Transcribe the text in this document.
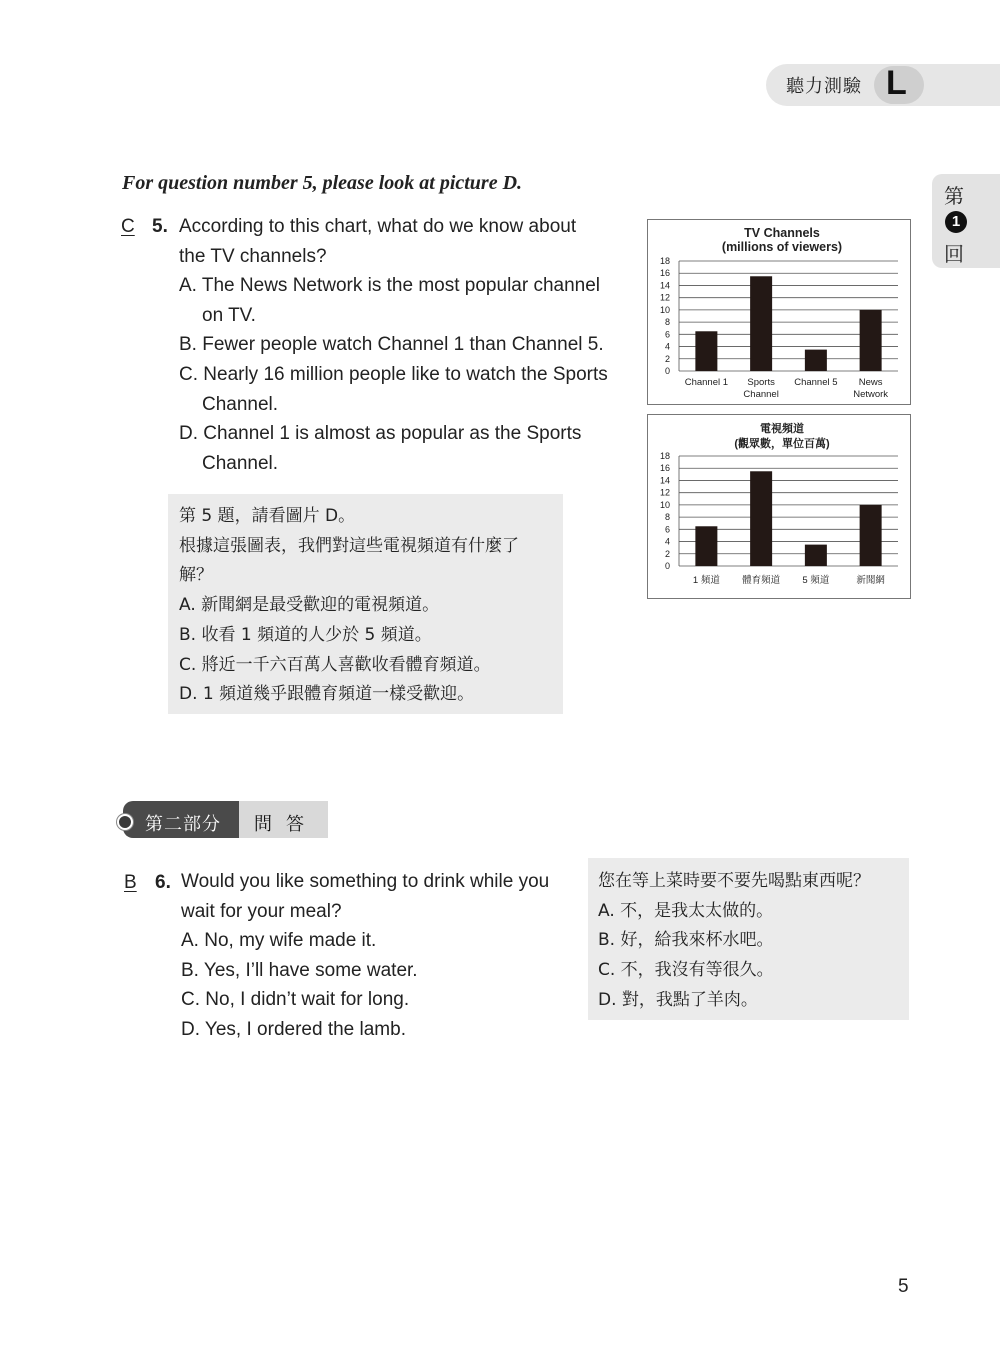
聽力測驗 L
第
1
回
For question number 5, please look at picture D.
C 5. According to this chart, what do we know about
the TV channels?
A. The News Network is the most popular channel
on TV.
B. Fewer people watch Channel 1 than Channel 5.
C. Nearly 16 million people like to watch the Sports
Channel.
D. Channel 1 is almost as popular as the Sports
Channel.
第 5 題，請看圖片 D。
根據這張圖表，我們對這些電視頻道有什麼了
解？
A. 新聞網是最受歡迎的電視頻道。
B. 收看 1 頻道的人少於 5 頻道。
C. 將近一千六百萬人喜歡收看體育頻道。
D. 1 頻道幾乎跟體育頻道一樣受歡迎。
TV Channels
(millions of viewers)
0
2
4
6
8
10
12
14
16
18
Channel 1 Sports
Channel
Channel 5 News
Network
電視頻道
(觀眾數，單位百萬)
0
2
4
6
8
10
12
14
16
18
1 頻道 體育頻道 5 頻道	新聞網
第二部分 問答
B 6. Would you like something to drink while you
wait for your meal?
A. No, my wife made it.
B. Yes, I’ll have some water.
C. No, I didn’t wait for long.
D. Yes, I ordered the lamb.
您在等上菜時要不要先喝點東西呢？
A. 不，是我太太做的。
B. 好，給我來杯水吧。
C. 不，我沒有等很久。
D. 對，我點了羊肉。
5
